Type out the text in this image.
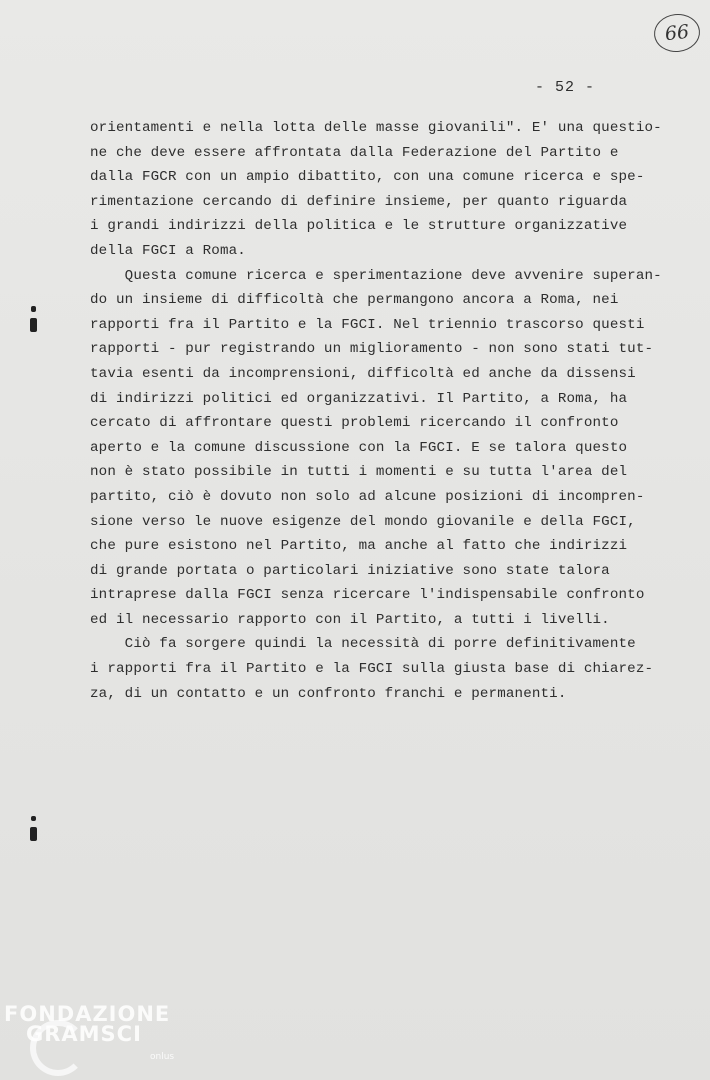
66
- 52 -
orientamenti e nella lotta delle masse giovanili". E' una questio-
ne che deve essere affrontata dalla Federazione del Partito e
dalla FGCR con un ampio dibattito, con una comune ricerca e spe-
rimentazione cercando di definire insieme, per quanto riguarda
i grandi indirizzi della politica e le strutture organizzative
della FGCI a Roma.
Questa comune ricerca e sperimentazione deve avvenire superan-
do un insieme di difficoltà che permangono ancora a Roma, nei
rapporti fra il Partito e la FGCI. Nel triennio trascorso questi
rapporti - pur registrando un miglioramento - non sono stati tut-
tavia esenti da incomprensioni, difficoltà ed anche da dissensi
di indirizzi politici ed organizzativi. Il Partito, a Roma, ha
cercato di affrontare questi problemi ricercando il confronto
aperto e la comune discussione con la FGCI. E se talora questo
non è stato possibile in tutti i momenti e su tutta l'area del
partito, ciò è dovuto non solo ad alcune posizioni di incompren-
sione verso le nuove esigenze del mondo giovanile e della FGCI,
che pure esistono nel Partito, ma anche al fatto che indirizzi
di grande portata o particolari iniziative sono state talora
intraprese dalla FGCI senza ricercare l'indispensabile confronto
ed il necessario rapporto con il Partito, a tutti i livelli.
Ciò fa sorgere quindi la necessità di porre definitivamente
i rapporti fra il Partito e la FGCI sulla giusta base di chiarez-
za, di un contatto e un confronto franchi e permanenti.
FONDAZIONE
GRAMSCI
onlus
